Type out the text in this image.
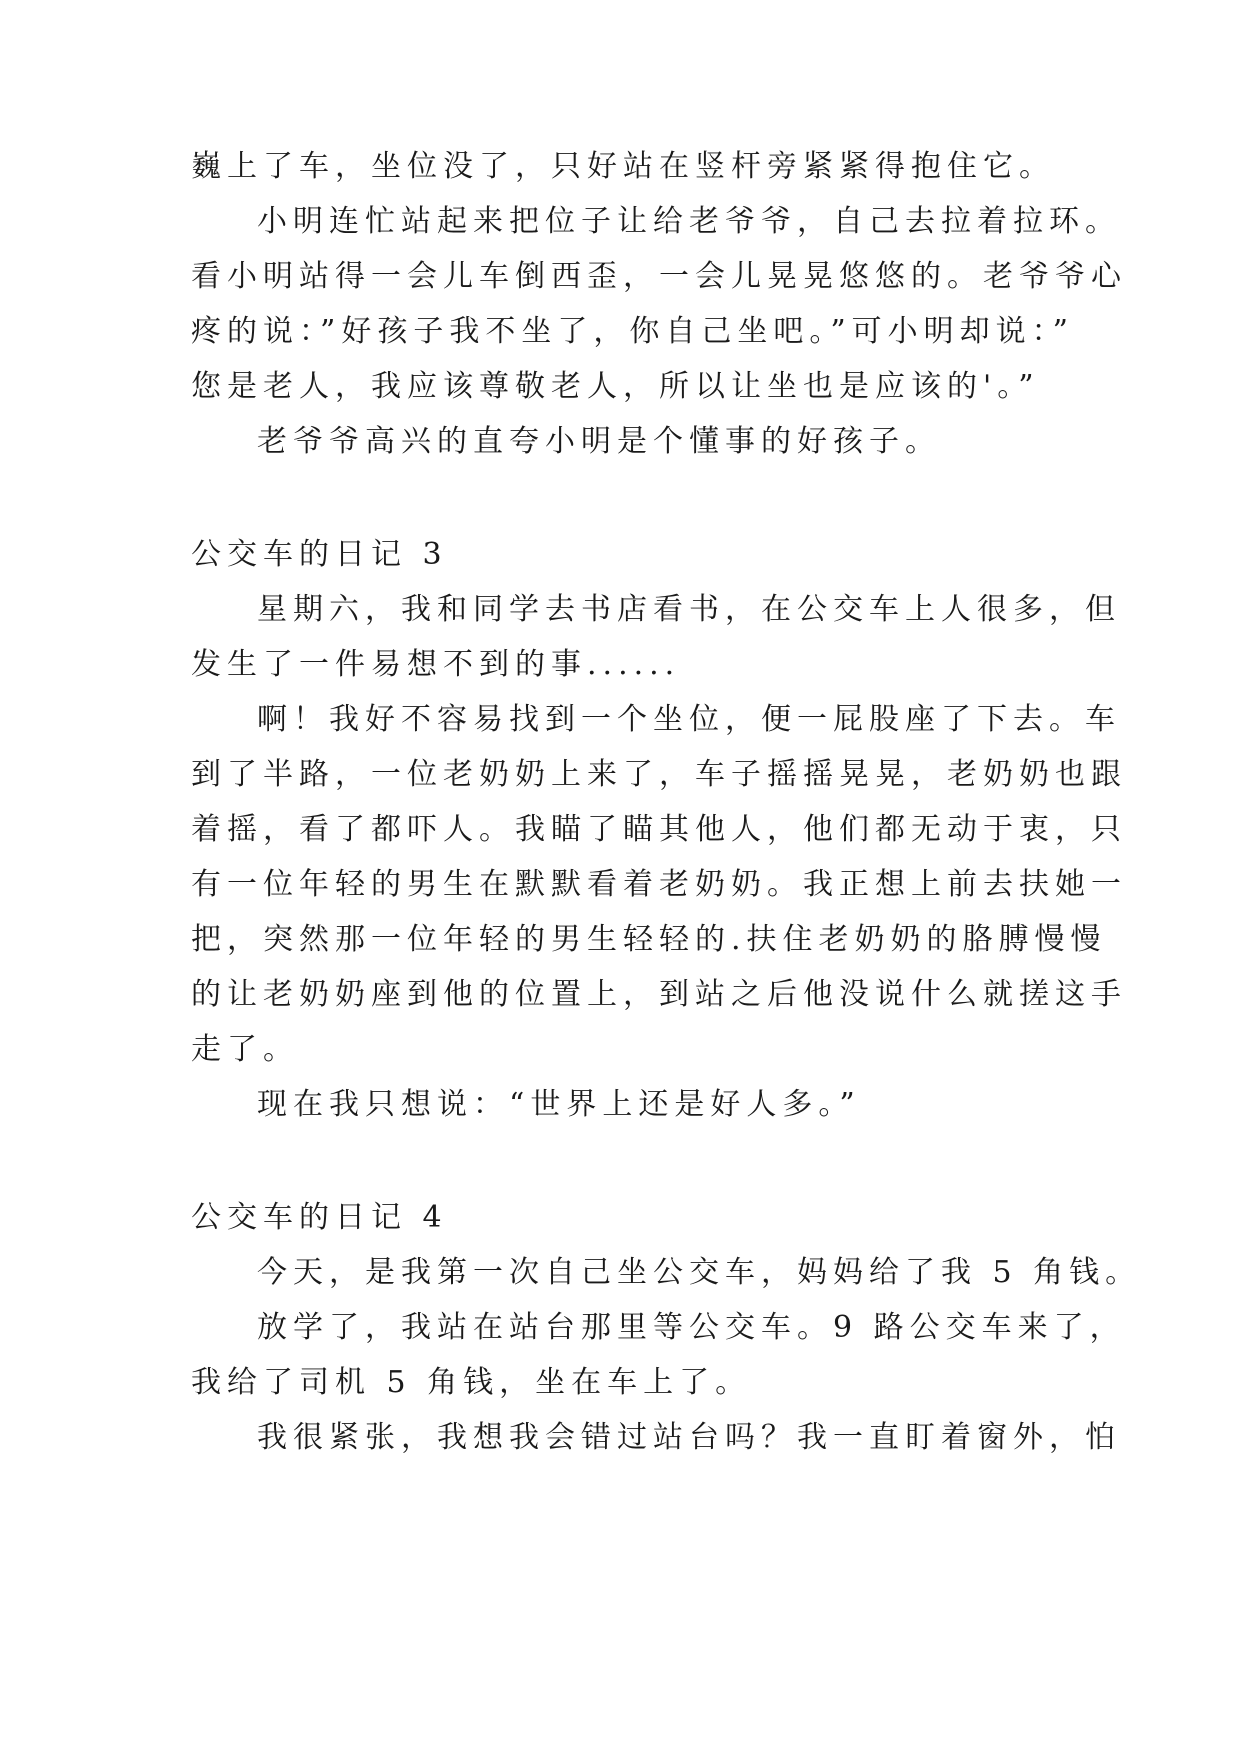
巍上了车，坐位没了，只好站在竖杆旁紧紧得抱住它。
小明连忙站起来把位子让给老爷爷，自己去拉着拉环。
看小明站得一会儿车倒西歪，一会儿晃晃悠悠的。老爷爷心
疼的说：”好孩子我不坐了，你自己坐吧。”可小明却说：”
您是老人，我应该尊敬老人，所以让坐也是应该的'。”
老爷爷高兴的直夸小明是个懂事的好孩子。
公交车的日记 3
星期六，我和同学去书店看书，在公交车上人很多，但
发生了一件易想不到的事......
啊！我好不容易找到一个坐位，便一屁股座了下去。车
到了半路，一位老奶奶上来了，车子摇摇晃晃，老奶奶也跟
着摇，看了都吓人。我瞄了瞄其他人，他们都无动于衷，只
有一位年轻的男生在默默看着老奶奶。我正想上前去扶她一
把，突然那一位年轻的男生轻轻的.扶住老奶奶的胳膊慢慢
的让老奶奶座到他的位置上，到站之后他没说什么就搓这手
走了。
现在我只想说：“世界上还是好人多。”
公交车的日记 4
今天，是我第一次自己坐公交车，妈妈给了我 5 角钱。
放学了，我站在站台那里等公交车。9 路公交车来了，
我给了司机 5 角钱，坐在车上了。
我很紧张，我想我会错过站台吗？我一直盯着窗外，怕
